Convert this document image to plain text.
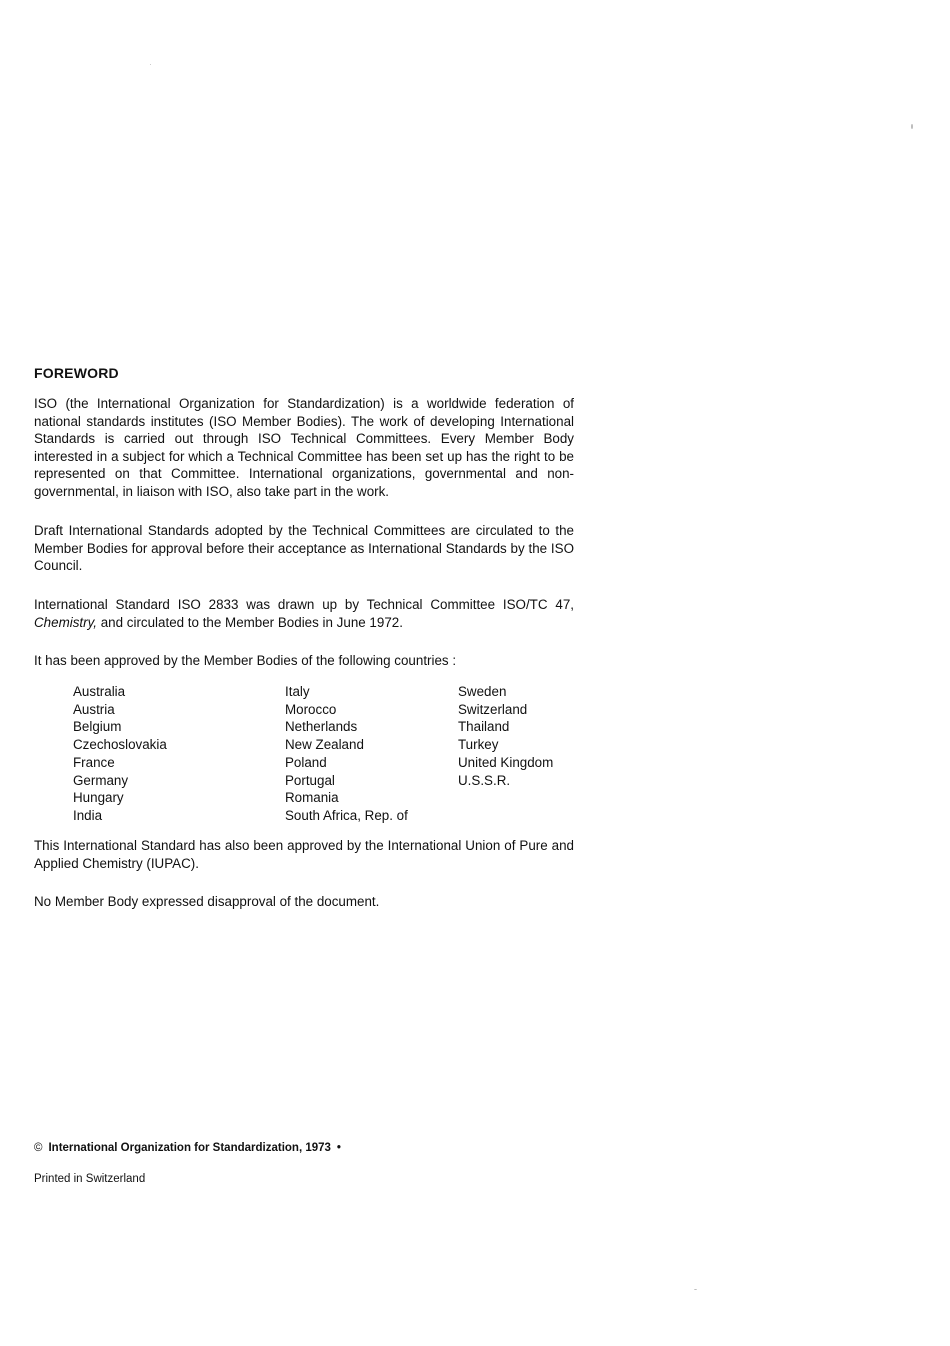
FOREWORD

ISO (the International Organization for Standardization) is a worldwide federation of national standards institutes (ISO Member Bodies). The work of developing International Standards is carried out through ISO Technical Committees. Every Member Body interested in a subject for which a Technical Committee has been set up has the right to be represented on that Committee. International organizations, governmental and non-governmental, in liaison with ISO, also take part in the work.

Draft International Standards adopted by the Technical Committees are circulated to the Member Bodies for approval before their acceptance as International Standards by the ISO Council.

International Standard ISO 2833 was drawn up by Technical Committee ISO/TC 47, Chemistry, and circulated to the Member Bodies in June 1972.

It has been approved by the Member Bodies of the following countries :

Australia
Austria
Belgium
Czechoslovakia
France
Germany
Hungary
India
Italy
Morocco
Netherlands
New Zealand
Poland
Portugal
Romania
South Africa, Rep. of
Sweden
Switzerland
Thailand
Turkey
United Kingdom
U.S.S.R.

This International Standard has also been approved by the International Union of Pure and Applied Chemistry (IUPAC).

No Member Body expressed disapproval of the document.

© International Organization for Standardization, 1973 •
Printed in Switzerland
